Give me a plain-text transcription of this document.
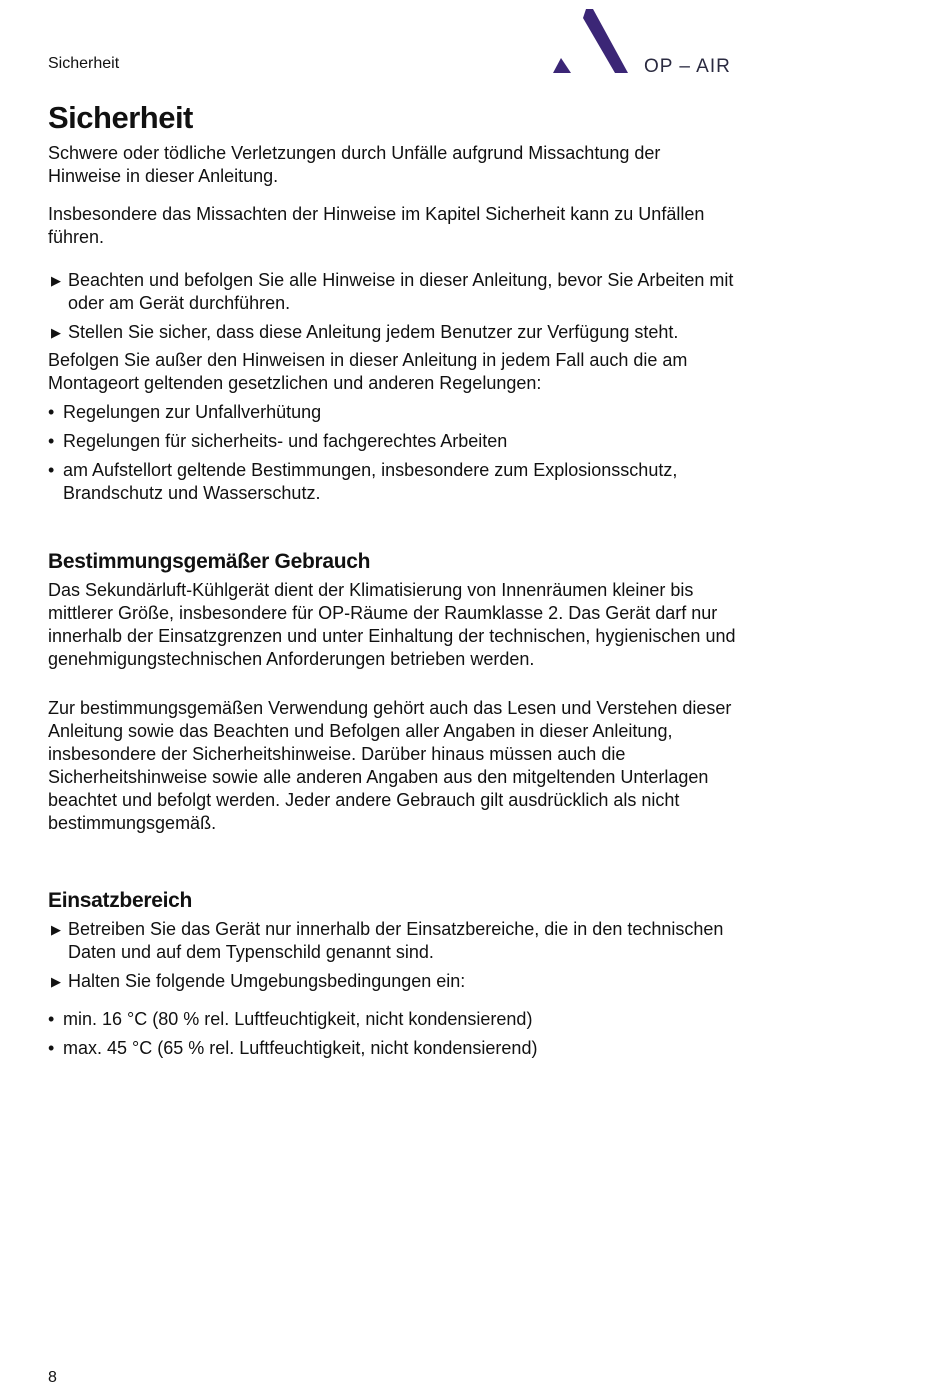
Sicherheit	OP – AIR
Sicherheit

Schwere oder tödliche Verletzungen durch Unfälle aufgrund Missachtung der Hinweise in dieser Anleitung.

Insbesondere das Missachten der Hinweise im Kapitel Sicherheit kann zu Unfällen führen.

▶ Beachten und befolgen Sie alle Hinweise in dieser Anleitung, bevor Sie Arbeiten mit oder am Gerät durchführen.
▶ Stellen Sie sicher, dass diese Anleitung jedem Benutzer zur Verfügung steht.

Befolgen Sie außer den Hinweisen in dieser Anleitung in jedem Fall auch die am Montageort geltenden gesetzlichen und anderen Regelungen:

• Regelungen zur Unfallverhütung
• Regelungen für sicherheits- und fachgerechtes Arbeiten
• am Aufstellort geltende Bestimmungen, insbesondere zum Explosionsschutz, Brandschutz und Wasserschutz.
Bestimmungsgemäßer Gebrauch

Das Sekundärluft-Kühlgerät dient der Klimatisierung von Innenräumen kleiner bis mittlerer Größe, insbesondere für OP-Räume der Raumklasse 2. Das Gerät darf nur innerhalb der Einsatzgrenzen und unter Einhaltung der technischen, hygienischen und genehmigungstechnischen Anforderungen betrieben werden.

Zur bestimmungsgemäßen Verwendung gehört auch das Lesen und Verstehen dieser Anleitung sowie das Beachten und Befolgen aller Angaben in dieser Anleitung, insbesondere der Sicherheitshinweise. Darüber hinaus müssen auch die Sicherheitshinweise sowie alle anderen Angaben aus den mitgeltenden Unterlagen beachtet und befolgt werden. Jeder andere Gebrauch gilt ausdrücklich als nicht bestimmungsgemäß.

Einsatzbereich
▶ Betreiben Sie das Gerät nur innerhalb der Einsatzbereiche, die in den technischen Daten und auf dem Typenschild genannt sind.
▶ Halten Sie folgende Umgebungsbedingungen ein:
• min. 16 °C (80 % rel. Luftfeuchtigkeit, nicht kondensierend)
• max. 45 °C (65 % rel. Luftfeuchtigkeit, nicht kondensierend)
8
